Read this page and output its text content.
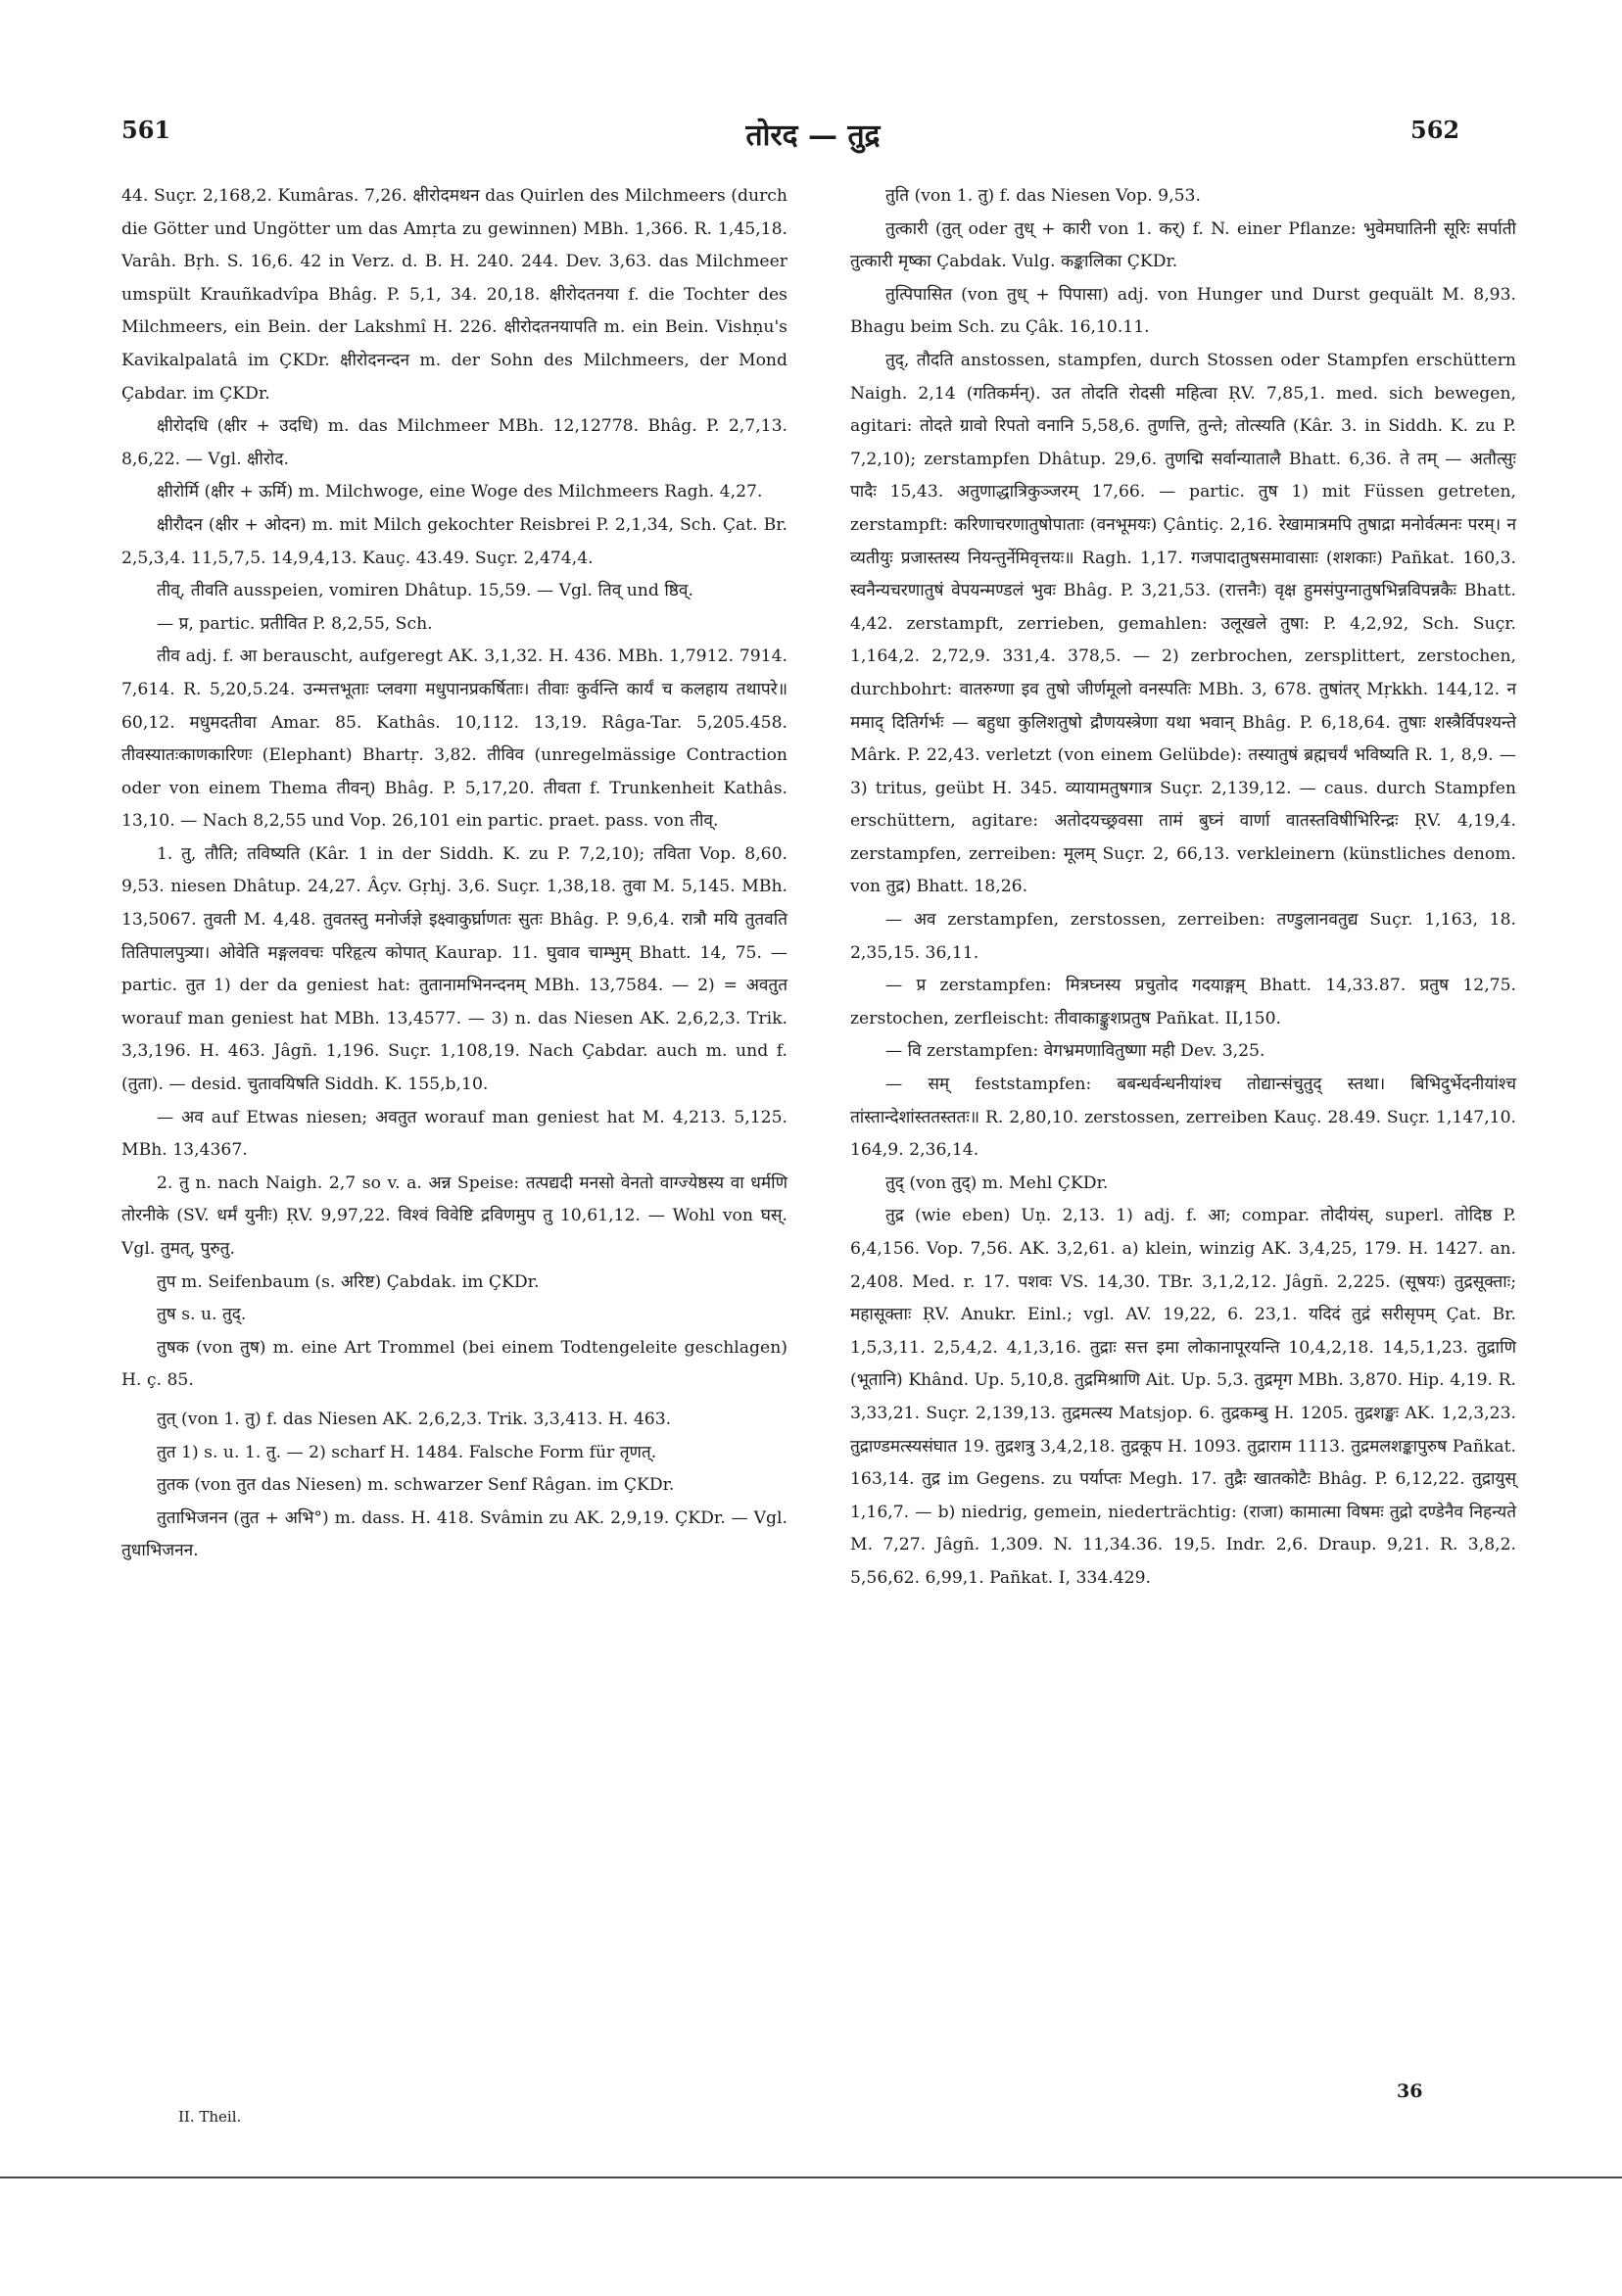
561	तोरद — तुद्र	562

44. Suçr. 2,168,2. Kumâras. 7,26. क्षीरोदमथन das Quirlen des Milchmeers (durch die Götter und Ungötter um das Amṛta zu gewinnen) MBh. 1,366. R. 1,45,18. Varâh. Bṛh. S. 16,6. 42 in Verz. d. B. H. 240. 244. Dev. 3,63. das Milchmeer umspült Krauñkadvîpa Bhâg. P. 5,1, 34. 20,18. क्षीरोदतनया f. die Tochter des Milchmeers, ein Bein. der Lakshmî H. 226. क्षीरोदतनयापति m. ein Bein. Vishṇu's Kavikalpalatâ im ÇKDr. क्षीरोदनन्दन m. der Sohn des Milchmeers, der Mond Çabdar. im ÇKDr.

क्षीरोदधि (क्षीर + उदधि) m. das Milchmeer MBh. 12,12778. Bhâg. P. 2,7,13. 8,6,22. — Vgl. क्षीरोद.

क्षीरोर्मि (क्षीर + ऊर्मि) m. Milchwoge, eine Woge des Milchmeers Ragh. 4,27.

क्षीरौदन (क्षीर + ओदन) m. mit Milch gekochter Reisbrei P. 2,1,34, Sch. Çat. Br. 2,5,3,4. 11,5,7,5. 14,9,4,13. Kauç. 43.49. Suçr. 2,474,4.

तीव्, तीवति ausspeien, vomiren Dhâtup. 15,59. — Vgl. तिव् und ष्ठिव्.

— प्र, partic. प्रतीवित P. 8,2,55, Sch.

तीव adj. f. आ berauscht, aufgeregt AK. 3,1,32. H. 436. MBh. 1,7912. 7914. 7,614. R. 5,20,5.24. उन्मत्तभूताः प्लवगा मधुपानप्रकर्षिताः। तीवाः कुर्वन्ति कार्यं च कलहाय तथापरे॥ 60,12. मधुमदतीवा Amar. 85. Kathâs. 10,112. 13,19. Râga-Tar. 5,205.458. तीवस्यातःकाणकारिणः (Elephant) Bhartṛ. 3,82. तीविव (unregelmässige Contraction oder von einem Thema तीवन्) Bhâg. P. 5,17,20. तीवता f. Trunkenheit Kathâs. 13,10. — Nach 8,2,55 und Vop. 26,101 ein partic. praet. pass. von तीव्.

1. तु, तौति; तविष्यति (Kâr. 1 in der Siddh. K. zu P. 7,2,10); तविता Vop. 8,60. 9,53. niesen Dhâtup. 24,27. Âçv. Gṛhj. 3,6. Suçr. 1,38,18. तुवा M. 5,145. MBh. 13,5067. तुवती M. 4,48. तुवतस्तु मनोर्जज्ञे इक्ष्वाकुर्घ्राणतः सुतः Bhâg. P. 9,6,4. रात्रौ मयि तुतवति तितिपालपुत्र्या। ओवेति मङ्गलवचः परिहृत्य कोपात् Kaurap. 11. घुवाव चाम्भुम् Bhatt. 14, 75. — partic. तुत 1) der da geniest hat: तुतानामभिनन्दनम् MBh. 13,7584. — 2) = अवतुत worauf man geniest hat MBh. 13,4577. — 3) n. das Niesen AK. 2,6,2,3. Trik. 3,3,196. H. 463. Jâgñ. 1,196. Suçr. 1,108,19. Nach Çabdar. auch m. und f. (तुता). — desid. चुतावयिषति Siddh. K. 155,b,10.

— अव auf Etwas niesen; अवतुत worauf man geniest hat M. 4,213. 5,125. MBh. 13,4367.

2. तु n. nach Naigh. 2,7 so v. a. अन्न Speise: तत्पद्यदी मनसो वेनतो वाग्ज्येष्ठस्य वा धर्मणि तोरनीके (SV. धर्मं युनीः) ṚV. 9,97,22. विश्वं विवेष्टि द्रविणमुप तु 10,61,12. — Wohl von घस्. Vgl. तुमत्, पुरुतु.

तुप m. Seifenbaum (s. अरिष्ट) Çabdak. im ÇKDr.

तुष s. u. तुद्.

तुषक (von तुष) m. eine Art Trommel (bei einem Todtengeleite geschlagen) H. ç. 85.

तुत् (von 1. तु) f. das Niesen AK. 2,6,2,3. Trik. 3,3,413. H. 463.

तुत 1) s. u. 1. तु. — 2) scharf H. 1484. Falsche Form für तृणत्.

तुतक (von तुत das Niesen) m. schwarzer Senf Râgan. im ÇKDr.

तुताभिजनन (तुत + अभि°) m. dass. H. 418. Svâmin zu AK. 2,9,19. ÇKDr. — Vgl. तुधाभिजनन.

तुति (von 1. तु) f. das Niesen Vop. 9,53.

तुत्कारी (तुत् oder तुध् + कारी von 1. कर्) f. N. einer Pflanze: भुवेमघातिनी सूरिः सर्पाती तुत्कारी मृष्का Çabdak. Vulg. कङ्कालिका ÇKDr.

तुत्पिपासित (von तुध् + पिपासा) adj. von Hunger und Durst gequält M. 8,93. Bhagu beim Sch. zu Çâk. 16,10.11.

तुद्, तौदति anstossen, stampfen, durch Stossen oder Stampfen erschüttern Naigh. 2,14 (गतिकर्मन्). उत तोदति रोदसी महित्वा ṚV. 7,85,1. med. sich bewegen, agitari: तोदते ग्रावो रिपतो वनानि 5,58,6. तुणत्ति, तुन्ते; तोत्स्यति (Kâr. 3. in Siddh. K. zu P. 7,2,10); zerstampfen Dhâtup. 29,6. तुणद्मि सर्वान्यातालै Bhatt. 6,36. ते तम् — अतौत्सुः पादैः 15,43. अतुणाद्धात्रिकुञ्जरम् 17,66. — partic. तुष 1) mit Füssen getreten, zerstampft: करिणाचरणातुषोपाताः (वनभूमयः) Çântiç. 2,16. रेखामात्रमपि तुषाद्रा मनोर्वत्मनः परम्। न व्यतीयुः प्रजास्तस्य नियन्तुर्नेमिवृत्तयः॥ Ragh. 1,17. गजपादातुषसमावासाः (शशकाः) Pañkat. 160,3. स्वनैन्यचरणातुषं वेपयन्मण्डलं भुवः Bhâg. P. 3,21,53. (रात्तनैः) वृक्ष हुमसंपुग्नातुषभिन्नविपन्नकैः Bhatt. 4,42. zerstampft, zerrieben, gemahlen: उलूखले तुषा: P. 4,2,92, Sch. Suçr. 1,164,2. 2,72,9. 331,4. 378,5. — 2) zerbrochen, zersplittert, zerstochen, durchbohrt: वातरुग्णा इव तुषो जीर्णमूलो वनस्पतिः MBh. 3, 678. तुषांतर् Mṛkkh. 144,12. न ममाद् दितिर्गर्भः — बहुधा कुलिशतुषो द्रौणयस्त्रेणा यथा भवान् Bhâg. P. 6,18,64. तुषाः शस्त्रैर्विपश्यन्ते Mârk. P. 22,43. verletzt (von einem Gelübde): तस्यातुषं ब्रह्मचर्यं भविष्यति R. 1, 8,9. — 3) tritus, geübt H. 345. व्यायामतुषगात्र Suçr. 2,139,12. — caus. durch Stampfen erschüttern, agitare: अतोदयच्छ्रवसा तामं बुघ्नं वार्णा वातस्तविषीभिरिन्द्रः ṚV. 4,19,4. zerstampfen, zerreiben: मूलम् Suçr. 2, 66,13. verkleinern (künstliches denom. von तुद्र) Bhatt. 18,26.

— अव zerstampfen, zerstossen, zerreiben: तण्डुलानवतुद्य Suçr. 1,163, 18. 2,35,15. 36,11.

— प्र zerstampfen: मित्रघ्नस्य प्रचुतोद गदयाङ्गम् Bhatt. 14,33.87. प्रतुष 12,75. zerstochen, zerfleischt: तीवाकाङ्कुशप्रतुष Pañkat. II,150.

— वि zerstampfen: वेगभ्रमणावितुष्णा मही Dev. 3,25.

— सम् feststampfen: बबन्धर्वन्धनीयांश्च तोद्यान्संचुतुद् स्तथा। बिभिदुर्भेदनीयांश्च तांस्तान्देशांस्ततस्ततः॥ R. 2,80,10. zerstossen, zerreiben Kauç. 28.49. Suçr. 1,147,10. 164,9. 2,36,14.

तुद् (von तुद्) m. Mehl ÇKDr.

तुद्र (wie eben) Uṇ. 2,13. 1) adj. f. आ; compar. तोदीयंस्, superl. तोदिष्ठ P. 6,4,156. Vop. 7,56. AK. 3,2,61. a) klein, winzig AK. 3,4,25, 179. H. 1427. an. 2,408. Med. r. 17. पशवः VS. 14,30. TBr. 3,1,2,12. Jâgñ. 2,225. (सूषयः) तुद्रसूक्ताः; महासूक्ताः ṚV. Anukr. Einl.; vgl. AV. 19,22, 6. 23,1. यदिदं तुद्रं सरीसृपम् Çat. Br. 1,5,3,11. 2,5,4,2. 4,1,3,16. तुद्राः सत्त इमा लोकानापूरयन्ति 10,4,2,18. 14,5,1,23. तुद्राणि (भूतानि) Khând. Up. 5,10,8. तुद्रमिश्राणि Ait. Up. 5,3. तुद्रमृग MBh. 3,870. Hip. 4,19. R. 3,33,21. Suçr. 2,139,13. तुद्रमत्स्य Matsjop. 6. तुद्रकम्बु H. 1205. तुद्रशङ्खः AK. 1,2,3,23. तुद्राण्डमत्स्यसंघात 19. तुद्रशत्रु 3,4,2,18. तुद्रकूप H. 1093. तुद्राराम 1113. तुद्रमलशङ्कापुरुष Pañkat. 163,14. तुद्र im Gegens. zu पर्याप्तः Megh. 17. तुद्रैः खातकोटैः Bhâg. P. 6,12,22. तुद्रायुस् 1,16,7. — b) niedrig, gemein, niederträchtig: (राजा) कामात्मा विषमः तुद्रो दण्डेनैव निहन्यते M. 7,27. Jâgñ. 1,309. N. 11,34.36. 19,5. Indr. 2,6. Draup. 9,21. R. 3,8,2. 5,56,62. 6,99,1. Pañkat. I, 334.429.

II. Theil.
36
